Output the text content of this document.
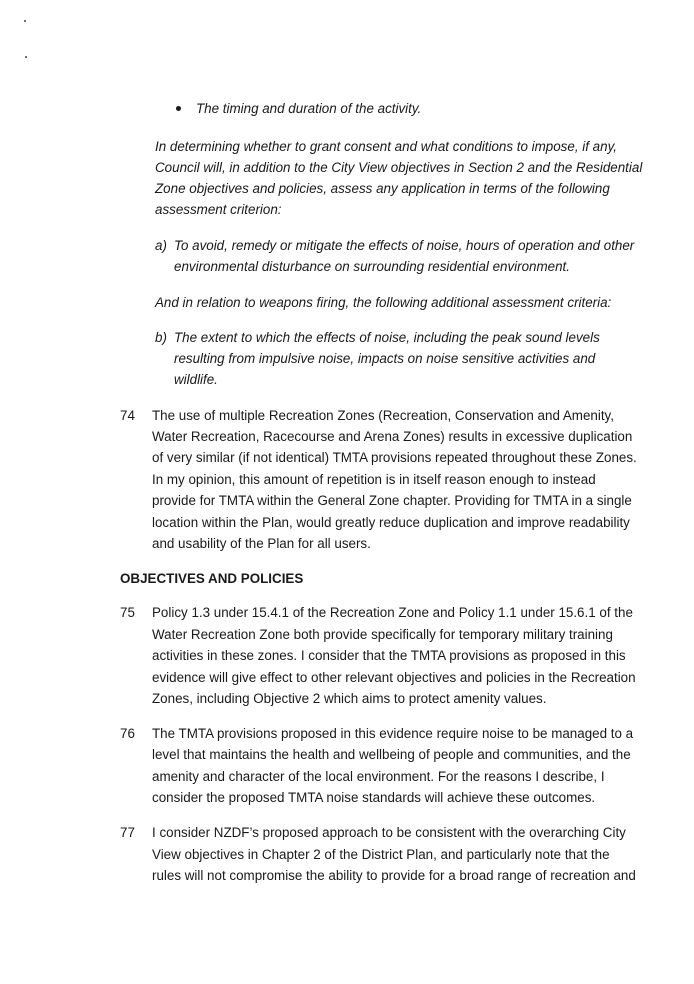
The timing and duration of the activity.
In determining whether to grant consent and what conditions to impose, if any,
Council will, in addition to the City View objectives in Section 2 and the Residential
Zone objectives and policies, assess any application in terms of the following
assessment criterion:
a) To avoid, remedy or mitigate the effects of noise, hours of operation and other
environmental disturbance on surrounding residential environment.
And in relation to weapons firing, the following additional assessment criteria:
b) The extent to which the effects of noise, including the peak sound levels
resulting from impulsive noise, impacts on noise sensitive activities and
wildlife.
74 The use of multiple Recreation Zones (Recreation, Conservation and Amenity,
Water Recreation, Racecourse and Arena Zones) results in excessive duplication
of very similar (if not identical) TMTA provisions repeated throughout these Zones.
In my opinion, this amount of repetition is in itself reason enough to instead
provide for TMTA within the General Zone chapter. Providing for TMTA in a single
location within the Plan, would greatly reduce duplication and improve readability
and usability of the Plan for all users.
OBJECTIVES AND POLICIES
75 Policy 1.3 under 15.4.1 of the Recreation Zone and Policy 1.1 under 15.6.1 of the
Water Recreation Zone both provide specifically for temporary military training
activities in these zones. I consider that the TMTA provisions as proposed in this
evidence will give effect to other relevant objectives and policies in the Recreation
Zones, including Objective 2 which aims to protect amenity values.
76 The TMTA provisions proposed in this evidence require noise to be managed to a
level that maintains the health and wellbeing of people and communities, and the
amenity and character of the local environment. For the reasons I describe, I
consider the proposed TMTA noise standards will achieve these outcomes.
77 I consider NZDF’s proposed approach to be consistent with the overarching City
View objectives in Chapter 2 of the District Plan, and particularly note that the
rules will not compromise the ability to provide for a broad range of recreation and
